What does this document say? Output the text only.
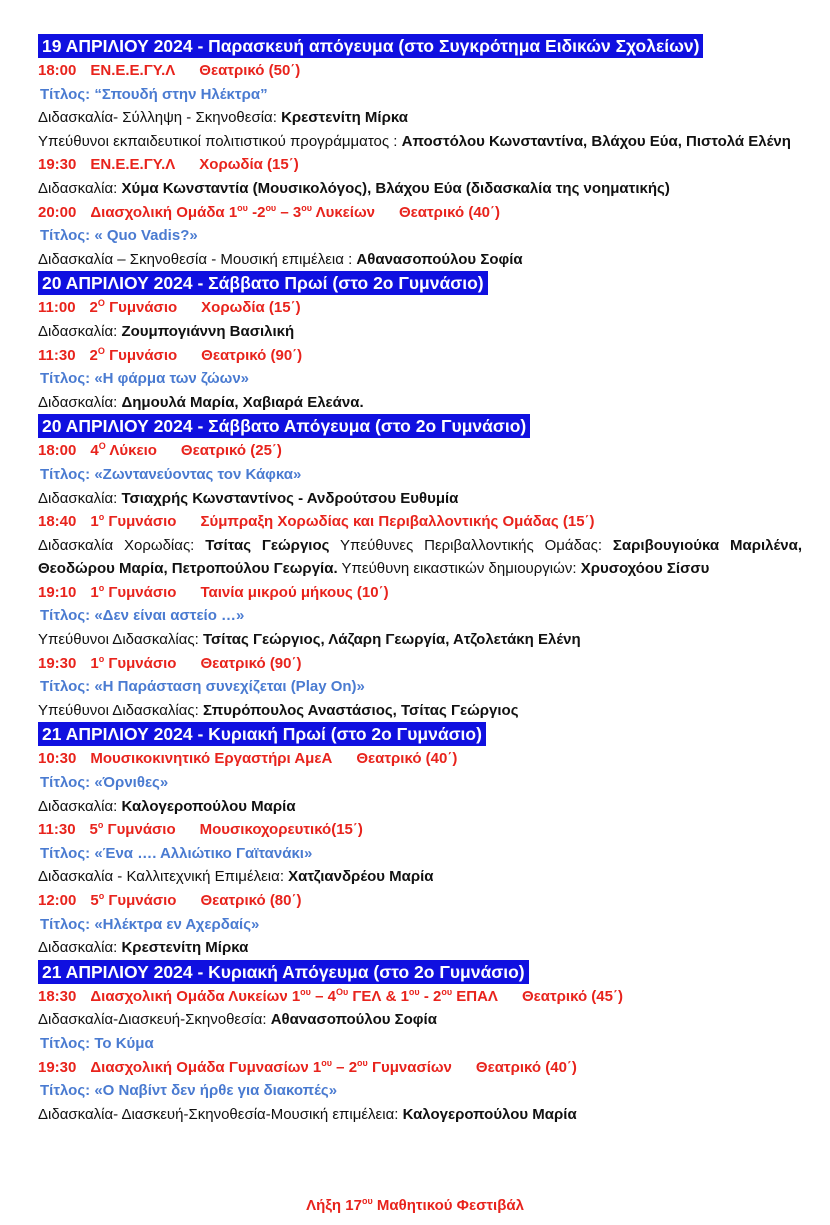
19 ΑΠΡΙΛΙΟΥ 2024 - Παρασκευή απόγευμα (στο Συγκρότημα Ειδικών Σχολείων)
18:00 ΕΝ.Ε.Ε.ΓΥ.Λ Θεατρικό (50΄)
Τίτλος: “Σπουδή στην Ηλέκτρα”
Διδασκαλία- Σύλληψη - Σκηνοθεσία: Κρεστενίτη Μίρκα
Υπεύθυνοι εκπαιδευτικοί πολιτιστικού προγράμματος : Αποστόλου Κωνσταντίνα, Βλάχου Εύα, Πιστολά Ελένη
19:30 ΕΝ.Ε.Ε.ΓΥ.Λ Χορωδία (15΄)
Διδασκαλία: Χύμα Κωνσταντία (Μουσικολόγος), Βλάχου Εύα (διδασκαλία της νοηματικής)
20:00 Διασχολική Ομάδα $1^{o\upsilon}$ $-2^{o\upsilon} - 3^{o\upsilon}$ Λυκείων Θεατρικό (40΄)
Τίτλος: « Quo Vadis?»
Διδασκαλία – Σκηνοθεσία - Μουσική επιμέλεια : Αθανασοπούλου Σοφία
20 ΑΠΡΙΛΙΟΥ 2024 - Σάββατο Πρωί (στο 2ο Γυμνάσιο)
11:00 $2^O$ Γυμνάσιο Χορωδία (15΄)
Διδασκαλία: Ζουμπογιάννη Βασιλική
11:30 $2^O$ Γυμνάσιο Θεατρικό (90΄)
Τίτλος: «Η φάρμα των ζώων»
Διδασκαλία: Δημουλά Μαρία, Χαβιαρά Ελεάνα.
20 ΑΠΡΙΛΙΟΥ 2024 - Σάββατο Απόγευμα (στο 2ο Γυμνάσιο)
18:00 $4^O$ Λύκειο Θεατρικό (25΄)
Τίτλος: «Ζωντανεύοντας τον Κάφκα»
Διδασκαλία: Τσιαχρής Κωνσταντίνος - Ανδρούτσου Ευθυμία
18:40 $1^o$ Γυμνάσιο Σύμπραξη Χορωδίας και Περιβαλλοντικής Ομάδας (15΄)
Διδασκαλία Χορωδίας: Τσίτας Γεώργιος Υπεύθυνες Περιβαλλοντικής Ομάδας: Σαριβουγιούκα Μαριλένα, Θεοδώρου Μαρία, Πετροπούλου Γεωργία. Υπεύθυνη εικαστικών δημιουργιών: Χρυσοχόου Σίσσυ
19:10 $1^o$ Γυμνάσιο Ταινία μικρού μήκους (10΄)
Τίτλος: «Δεν είναι αστείο …»
Υπεύθυνοι Διδασκαλίας: Τσίτας Γεώργιος, Λάζαρη Γεωργία, Ατζολετάκη Ελένη
19:30 $1^o$ Γυμνάσιο Θεατρικό (90΄)
Τίτλος: «Η Παράσταση συνεχίζεται (Play On)»
Υπεύθυνοι Διδασκαλίας: Σπυρόπουλος Αναστάσιος, Τσίτας Γεώργιος
21 ΑΠΡΙΛΙΟΥ 2024 - Κυριακή Πρωί (στο 2ο Γυμνάσιο)
10:30 Μουσικοκινητικό Εργαστήρι ΑμεΑ Θεατρικό (40΄)
Τίτλος: «Όρνιθες»
Διδασκαλία: Καλογεροπούλου Μαρία
11:30 $5^o$ Γυμνάσιο Μουσικοχορευτικό(15΄)
Τίτλος: «Ένα …. Αλλιώτικο Γαϊτανάκι»
Διδασκαλία - Καλλιτεχνική Επιμέλεια: Χατζιανδρέου Μαρία
12:00 $5^o$ Γυμνάσιο Θεατρικό (80΄)
Τίτλος: «Ηλέκτρα εν Αχερδαίς»
Διδασκαλία: Κρεστενίτη Μίρκα
21 ΑΠΡΙΛΙΟΥ 2024 - Κυριακή Απόγευμα (στο 2ο Γυμνάσιο)
18:30 Διασχολική Ομάδα Λυκείων $1^{o\upsilon} - 4^{O\upsilon}$ ΓΕΛ & $1^{o\upsilon} - 2^{o\upsilon}$ ΕΠΑΛ Θεατρικό (45΄)
Διδασκαλία-Διασκευή-Σκηνοθεσία: Αθανασοπούλου Σοφία
Τίτλος: Το Κύμα
19:30 Διασχολική Ομάδα Γυμνασίων $1^{o\upsilon} - 2^{o\upsilon}$ Γυμνασίων Θεατρικό (40΄)
Τίτλος: «Ο Ναβίντ δεν ήρθε για διακοπές»
Διδασκαλία- Διασκευή-Σκηνοθεσία-Μουσική επιμέλεια: Καλογεροπούλου Μαρία
Λήξη $17^{o\upsilon}$ Μαθητικού Φεστιβάλ
